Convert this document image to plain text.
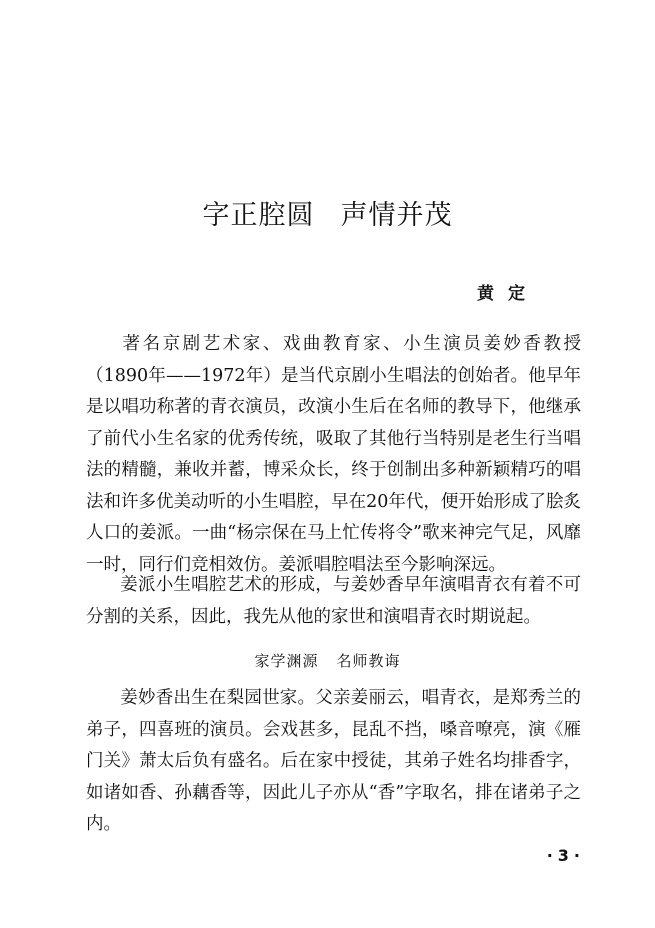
字正腔圆 声情并茂
黄定

著名京剧艺术家、戏曲教育家、小生演员姜妙香教授（1890年——1972年）是当代京剧小生唱法的创始者。他早年是以唱功称著的青衣演员，改演小生后在名师的教导下，他继承了前代小生名家的优秀传统，吸取了其他行当特别是老生行当唱法的精髓，兼收并蓄，博采众长，终于创制出多种新颖精巧的唱法和许多优美动听的小生唱腔，早在20年代，便开始形成了脍炙人口的姜派。一曲“杨宗保在马上忙传将令”歌来神完气足，风靡一时，同行们竞相效仿。姜派唱腔唱法至今影响深远。

姜派小生唱腔艺术的形成，与姜妙香早年演唱青衣有着不可分割的关系，因此，我先从他的家世和演唱青衣时期说起。

家学渊源 名师教诲

姜妙香出生在梨园世家。父亲姜丽云，唱青衣，是郑秀兰的弟子，四喜班的演员。会戏甚多，昆乱不挡，嗓音嘹亮，演《雁门关》萧太后负有盛名。后在家中授徒，其弟子姓名均排香字，如诸如香、孙藕香等，因此儿子亦从“香”字取名，排在诸弟子之内。

·3·
